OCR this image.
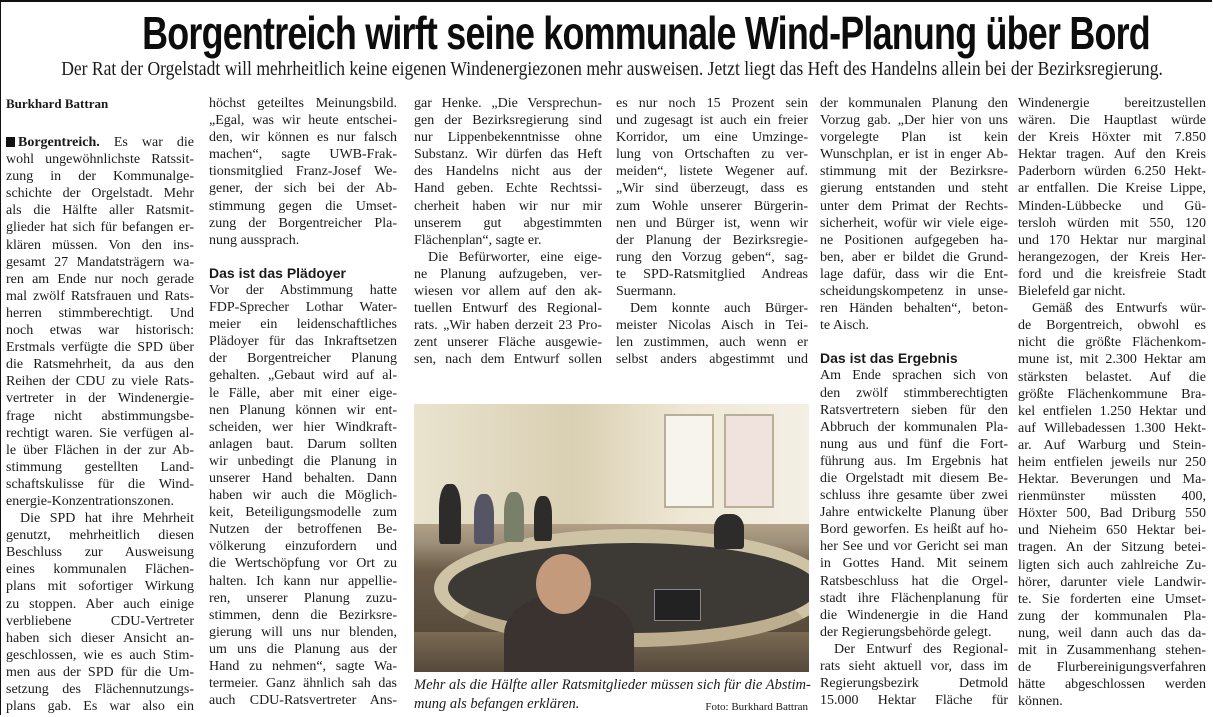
Borgentreich wirft seine kommunale Wind-Planung über Bord
Der Rat der Orgelstadt will mehrheitlich keine eigenen Windenergiezonen mehr ausweisen. Jetzt liegt das Heft des Handelns allein bei der Bezirksregierung.
Burkhard Battran
Borgentreich. Es war die
wohl ungewöhnlichste Ratssit-
zung in der Kommunalge-
schichte der Orgelstadt. Mehr
als die Hälfte aller Ratsmit-
glieder hat sich für befangen er-
klären müssen. Von den ins-
gesamt 27 Mandatsträgern wa-
ren am Ende nur noch gerade
mal zwölf Ratsfrauen und Rats-
herren stimmberechtigt. Und
noch etwas war historisch:
Erstmals verfügte die SPD über
die Ratsmehrheit, da aus den
Reihen der CDU zu viele Rats-
vertreter in der Windenergie-
frage nicht abstimmungsbe-
rechtigt waren. Sie verfügen al-
le über Flächen in der zur Ab-
stimmung gestellten Land-
schaftskulisse für die Wind-
energie-Konzentrationszonen.
Die SPD hat ihre Mehrheit
genutzt, mehrheitlich diesen
Beschluss zur Ausweisung
eines kommunalen Flächen-
plans mit sofortiger Wirkung
zu stoppen. Aber auch einige
verbliebene CDU-Vertreter
haben sich dieser Ansicht an-
geschlossen, wie es auch Stim-
men aus der SPD für die Um-
setzung des Flächennutzungs-
plans gab. Es war also ein
höchst geteiltes Meinungsbild.
„Egal, was wir heute entschei-
den, wir können es nur falsch
machen“, sagte UWB-Frak-
tionsmitglied Franz-Josef We-
gener, der sich bei der Ab-
stimmung gegen die Umset-
zung der Borgentreicher Pla-
nung aussprach.
Das ist das Plädoyer
Vor der Abstimmung hatte
FDP-Sprecher Lothar Water-
meier ein leidenschaftliches
Plädoyer für das Inkraftsetzen
der Borgentreicher Planung
gehalten. „Gebaut wird auf al-
le Fälle, aber mit einer eige-
nen Planung können wir ent-
scheiden, wer hier Windkraft-
anlagen baut. Darum sollten
wir unbedingt die Planung in
unserer Hand behalten. Dann
haben wir auch die Möglich-
keit, Beteiligungsmodelle zum
Nutzen der betroffenen Be-
völkerung einzufordern und
die Wertschöpfung vor Ort zu
halten. Ich kann nur appellie-
ren, unserer Planung zuzu-
stimmen, denn die Bezirksre-
gierung will uns nur blenden,
um uns die Planung aus der
Hand zu nehmen“, sagte Wa-
termeier. Ganz ähnlich sah das
auch CDU-Ratsvertreter Ans-
gar Henke. „Die Versprechun-
gen der Bezirksregierung sind
nur Lippenbekenntnisse ohne
Substanz. Wir dürfen das Heft
des Handelns nicht aus der
Hand geben. Echte Rechtssi-
cherheit haben wir nur mir
unserem gut abgestimmten
Flächenplan“, sagte er.
Die Befürworter, eine eige-
ne Planung aufzugeben, ver-
wiesen vor allem auf den ak-
tuellen Entwurf des Regional-
rats. „Wir haben derzeit 23 Pro-
zent unserer Fläche ausgewie-
sen, nach dem Entwurf sollen
es nur noch 15 Prozent sein
und zugesagt ist auch ein freier
Korridor, um eine Umzinge-
lung von Ortschaften zu ver-
meiden“, listete Wegener auf.
„Wir sind überzeugt, dass es
zum Wohle unserer Bürgerin-
nen und Bürger ist, wenn wir
der Planung der Bezirksregie-
rung den Vorzug geben“, sag-
te SPD-Ratsmitglied Andreas
Suermann.
Dem konnte auch Bürger-
meister Nicolas Aisch in Tei-
len zustimmen, auch wenn er
selbst anders abgestimmt und
der kommunalen Planung den
Vorzug gab. „Der hier von uns
vorgelegte Plan ist kein
Wunschplan, er ist in enger Ab-
stimmung mit der Bezirksre-
gierung entstanden und steht
unter dem Primat der Rechts-
sicherheit, wofür wir viele eige-
ne Positionen aufgegeben ha-
ben, aber er bildet die Grund-
lage dafür, dass wir die Ent-
scheidungskompetenz in unse-
ren Händen behalten“, beton-
te Aisch.
Das ist das Ergebnis
Am Ende sprachen sich von
den zwölf stimmberechtigten
Ratsvertretern sieben für den
Abbruch der kommunalen Pla-
nung aus und fünf die Fort-
führung aus. Im Ergebnis hat
die Orgelstadt mit diesem Be-
schluss ihre gesamte über zwei
Jahre entwickelte Planung über
Bord geworfen. Es heißt auf ho-
her See und vor Gericht sei man
in Gottes Hand. Mit seinem
Ratsbeschluss hat die Orgel-
stadt ihre Flächenplanung für
die Windenergie in die Hand
der Regierungsbehörde gelegt.
Der Entwurf des Regional-
rats sieht aktuell vor, dass im
Regierungsbezirk Detmold
15.000 Hektar Fläche für
Windenergie bereitzustellen
wären. Die Hauptlast würde
der Kreis Höxter mit 7.850
Hektar tragen. Auf den Kreis
Paderborn würden 6.250 Hekt-
ar entfallen. Die Kreise Lippe,
Minden-Lübbecke und Gü-
tersloh würden mit 550, 120
und 170 Hektar nur marginal
herangezogen, der Kreis Her-
ford und die kreisfreie Stadt
Bielefeld gar nicht.
Gemäß des Entwurfs wür-
de Borgentreich, obwohl es
nicht die größte Flächenkom-
mune ist, mit 2.300 Hektar am
stärksten belastet. Auf die
größte Flächenkommune Bra-
kel entfielen 1.250 Hektar und
auf Willebadessen 1.300 Hekt-
ar. Auf Warburg und Stein-
heim entfielen jeweils nur 250
Hektar. Beverungen und Ma-
rienmünster müssten 400,
Höxter 500, Bad Driburg 550
und Nieheim 650 Hektar bei-
tragen. An der Sitzung betei-
ligten sich auch zahlreiche Zu-
hörer, darunter viele Landwir-
te. Sie forderten eine Umset-
zung der kommunalen Pla-
nung, weil dann auch das da-
mit in Zusammenhang stehen-
de Flurbereinigungsverfahren
hätte abgeschlossen werden
können.
Mehr als die Hälfte aller Ratsmitglieder müssen sich für die Abstim-
mung als befangen erklären.	Foto: Burkhard Battran
